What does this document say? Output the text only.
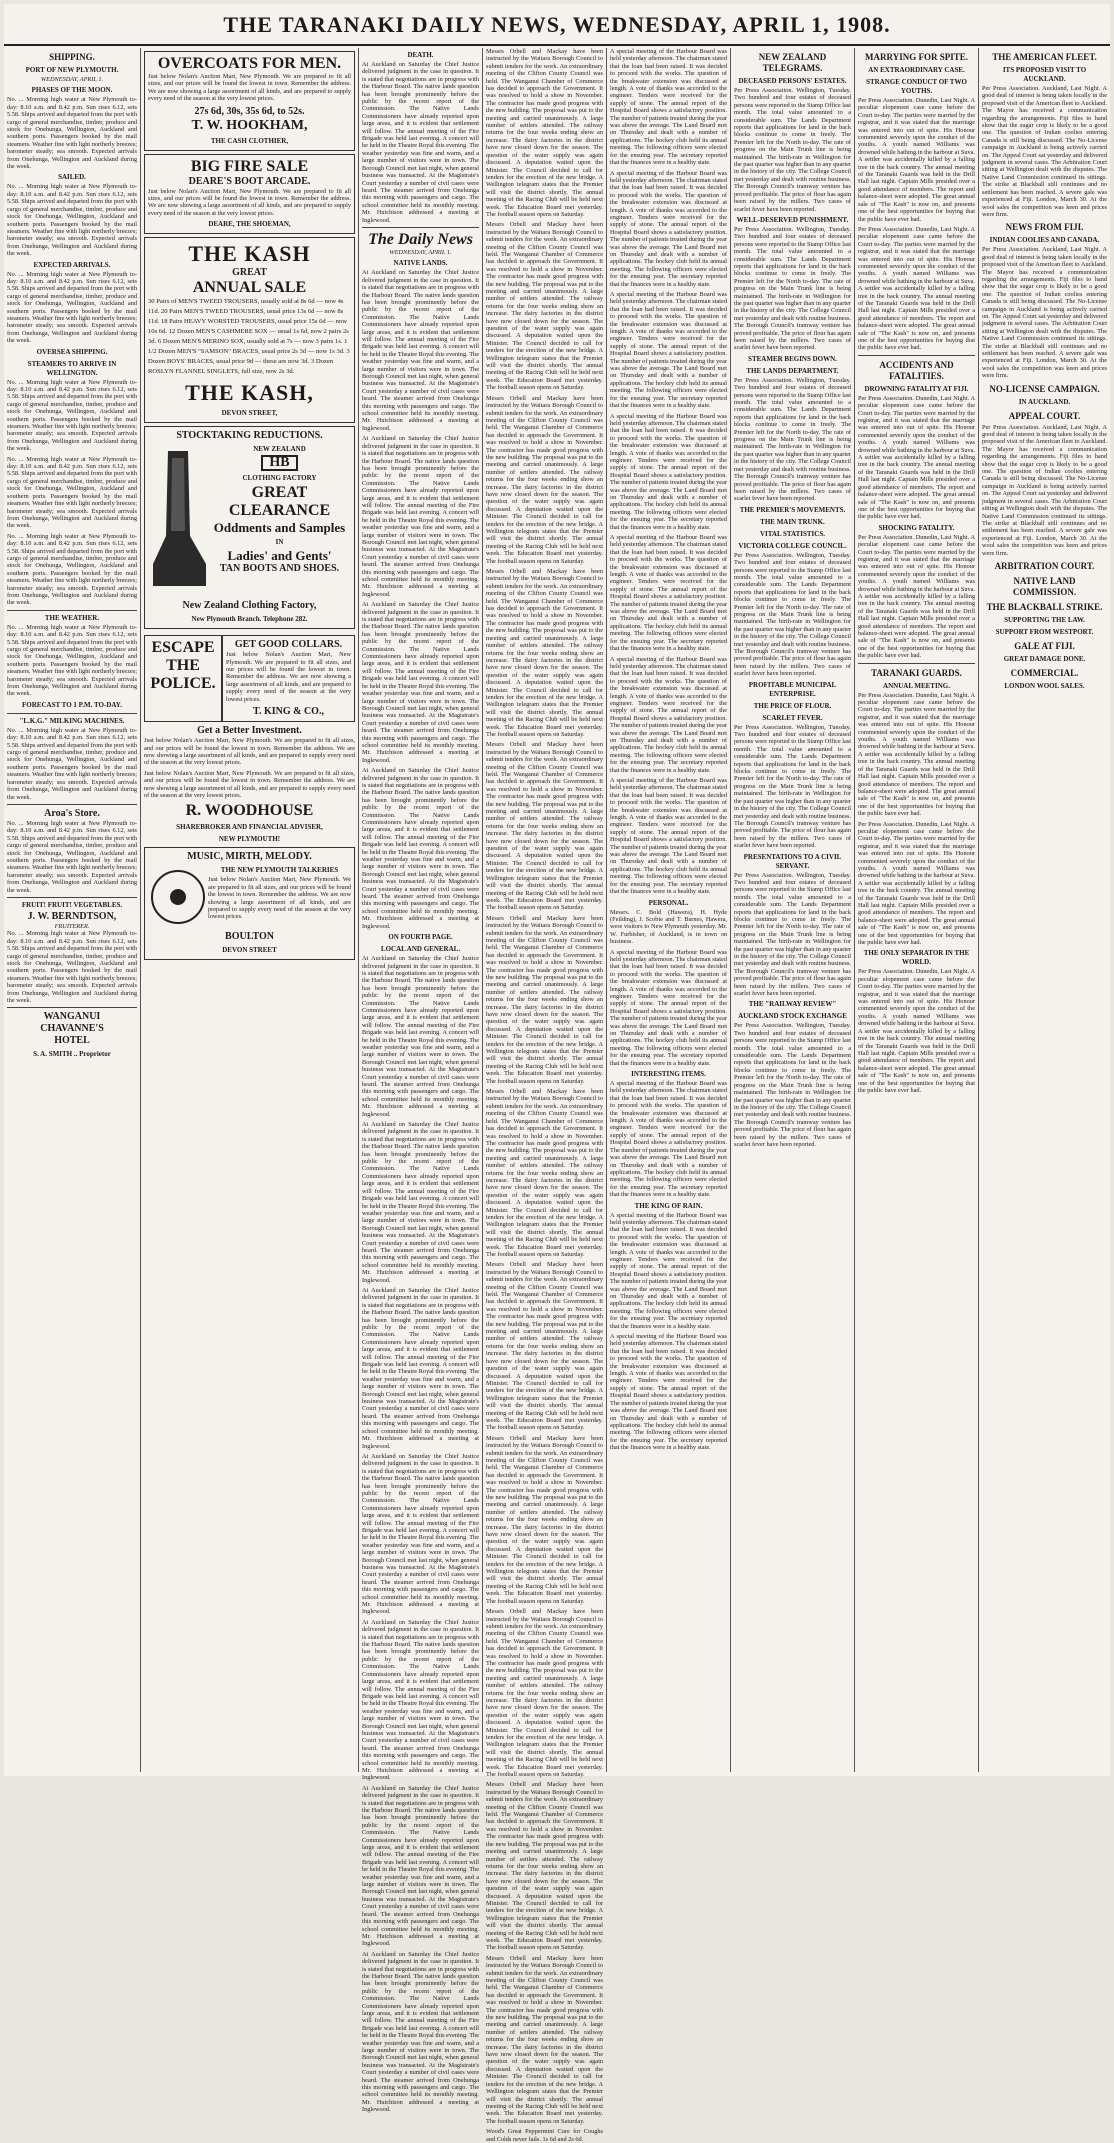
THE TARANAKI DAILY NEWS, WEDNESDAY, APRIL 1, 1908.
SHIPPING.
PORT OF NEW PLYMOUTH.
WEDNESDAY, APRIL 1.
PHASES OF THE MOON.

No. ... Morning high water at New Plymouth to-day: 8.10 a.m. and 8.42 p.m. Sun rises 6.12, sets 5.58. Ships arrived and departed from the port with cargo of general merchandise, timber, produce and stock for Onehunga, Wellington, Auckland and southern ports. Passengers booked by the mail steamers. Weather fine with light northerly breezes; barometer steady; sea smooth. Expected arrivals from Onehunga, Wellington and Auckland during the week.

SAILED.

No. ... Morning high water at New Plymouth to-day: 8.10 a.m. and 8.42 p.m. Sun rises 6.12, sets 5.58. Ships arrived and departed from the port with cargo of general merchandise, timber, produce and stock for Onehunga, Wellington, Auckland and southern ports. Passengers booked by the mail steamers. Weather fine with light northerly breezes; barometer steady; sea smooth. Expected arrivals from Onehunga, Wellington and Auckland during the week.

EXPECTED ARRIVALS.

No. ... Morning high water at New Plymouth to-day: 8.10 a.m. and 8.42 p.m. Sun rises 6.12, sets 5.58. Ships arrived and departed from the port with cargo of general merchandise, timber, produce and stock for Onehunga, Wellington, Auckland and southern ports. Passengers booked by the mail steamers. Weather fine with light northerly breezes; barometer steady; sea smooth. Expected arrivals from Onehunga, Wellington and Auckland during the week.

OVERSEA SHIPPING.
STEAMERS TO ARRIVE IN WELLINGTON.

No. ... Morning high water at New Plymouth to-day: 8.10 a.m. and 8.42 p.m. Sun rises 6.12, sets 5.58. Ships arrived and departed from the port with cargo of general merchandise, timber, produce and stock for Onehunga, Wellington, Auckland and southern ports. Passengers booked by the mail steamers. Weather fine with light northerly breezes; barometer steady; sea smooth. Expected arrivals from Onehunga, Wellington and Auckland during the week.

No. ... Morning high water at New Plymouth to-day: 8.10 a.m. and 8.42 p.m. Sun rises 6.12, sets 5.58. Ships arrived and departed from the port with cargo of general merchandise, timber, produce and stock for Onehunga, Wellington, Auckland and southern ports. Passengers booked by the mail steamers. Weather fine with light northerly breezes; barometer steady; sea smooth. Expected arrivals from Onehunga, Wellington and Auckland during the week.

No. ... Morning high water at New Plymouth to-day: 8.10 a.m. and 8.42 p.m. Sun rises 6.12, sets 5.58. Ships arrived and departed from the port with cargo of general merchandise, timber, produce and stock for Onehunga, Wellington, Auckland and southern ports. Passengers booked by the mail steamers. Weather fine with light northerly breezes; barometer steady; sea smooth. Expected arrivals from Onehunga, Wellington and Auckland during the week.

THE WEATHER.

No. ... Morning high water at New Plymouth to-day: 8.10 a.m. and 8.42 p.m. Sun rises 6.12, sets 5.58. Ships arrived and departed from the port with cargo of general merchandise, timber, produce and stock for Onehunga, Wellington, Auckland and southern ports. Passengers booked by the mail steamers. Weather fine with light northerly breezes; barometer steady; sea smooth. Expected arrivals from Onehunga, Wellington and Auckland during the week.

FORECAST TO 1 P.M. TO-DAY.
"L.K.G." MILKING MACHINES.

No. ... Morning high water at New Plymouth to-day: 8.10 a.m. and 8.42 p.m. Sun rises 6.12, sets 5.58. Ships arrived and departed from the port with cargo of general merchandise, timber, produce and stock for Onehunga, Wellington, Auckland and southern ports. Passengers booked by the mail steamers. Weather fine with light northerly breezes; barometer steady; sea smooth. Expected arrivals from Onehunga, Wellington and Auckland during the week.

Aroa's Store.

No. ... Morning high water at New Plymouth to-day: 8.10 a.m. and 8.42 p.m. Sun rises 6.12, sets 5.58. Ships arrived and departed from the port with cargo of general merchandise, timber, produce and stock for Onehunga, Wellington, Auckland and southern ports. Passengers booked by the mail steamers. Weather fine with light northerly breezes; barometer steady; sea smooth. Expected arrivals from Onehunga, Wellington and Auckland during the week.

FRUIT! FRUIT! VEGETABLES.
J. W. BERNDTSON,
FRUITERER.

No. ... Morning high water at New Plymouth to-day: 8.10 a.m. and 8.42 p.m. Sun rises 6.12, sets 5.58. Ships arrived and departed from the port with cargo of general merchandise, timber, produce and stock for Onehunga, Wellington, Auckland and southern ports. Passengers booked by the mail steamers. Weather fine with light northerly breezes; barometer steady; sea smooth. Expected arrivals from Onehunga, Wellington and Auckland during the week.

WANGANUI
CHAVANNE'S
HOTEL
S. A. SMITH .. Proprietor
OVERCOATS FOR MEN.

Just below Nolan's Auction Mart, New Plymouth. We are prepared to fit all sizes, and our prices will be found the lowest in town. Remember the address. We are now showing a large assortment of all kinds, and are prepared to supply every need of the season at the very lowest prices.

27s 6d, 30s, 35s 6d, to 52s.
T. W. HOOKHAM,
THE CASH CLOTHIER,
BIG FIRE SALE
DEARE'S BOOT ARCADE.

Just below Nolan's Auction Mart, New Plymouth. We are prepared to fit all sizes, and our prices will be found the lowest in town. Remember the address. We are now showing a large assortment of all kinds, and are prepared to supply every need of the season at the very lowest prices.

DEARE, THE SHOEMAN,
THE KASH
GREAT
ANNUAL SALE

30 Pairs of MEN'S TWEED TROUSERS, usually sold at 8s 6d — now 4s 11d. 20 Pairs MEN'S TWEED TROUSERS, usual price 13s 6d — now 8s 11d. 18 Pairs HEAVY WORSTED TROUSERS, usual price 15s 6d — now 10s 6d. 12 Dozen MEN'S CASHMERE SOX — usual 1s 6d, now 2 pairs 2s 3d. 6 Dozen MEN'S MERINO SOX, usually sold at 7s — now 3 pairs 1s. 1 1/2 Dozen MEN'S "SAMSON" BRACES, usual price 2s 3d — now 1s 3d. 3 Dozen BOYS' BRACES, usual price 9d — these are now 3d. 3 Dozen ROSLYN FLANNEL SINGLETS, full size, now 2s 3d.

THE KASH,
DEVON STREET,
STOCKTAKING REDUCTIONS.
NEW ZEALAND
HB
CLOTHING FACTORY
GREAT CLEARANCE
Oddments and Samples
IN
Ladies' and Gents'
TAN BOOTS AND SHOES.
New Zealand Clothing Factory,
New Plymouth Branch. Telephone 282.
ESCAPE THE POLICE.
GET GOOD COLLARS.

Just below Nolan's Auction Mart, New Plymouth. We are prepared to fit all sizes, and our prices will be found the lowest in town. Remember the address. We are now showing a large assortment of all kinds, and are prepared to supply every need of the season at the very lowest prices.

T. KING & CO.,
Get a Better Investment.

Just below Nolan's Auction Mart, New Plymouth. We are prepared to fit all sizes, and our prices will be found the lowest in town. Remember the address. We are now showing a large assortment of all kinds, and are prepared to supply every need of the season at the very lowest prices.

Just below Nolan's Auction Mart, New Plymouth. We are prepared to fit all sizes, and our prices will be found the lowest in town. Remember the address. We are now showing a large assortment of all kinds, and are prepared to supply every need of the season at the very lowest prices.

R. WOODHOUSE
SHAREBROKER AND FINANCIAL ADVISER,
NEW PLYMOUTH!
MUSIC, MIRTH, MELODY.
THE NEW PLYMOUTH TALKERIES

Just below Nolan's Auction Mart, New Plymouth. We are prepared to fit all sizes, and our prices will be found the lowest in town. Remember the address. We are now showing a large assortment of all kinds, and are prepared to supply every need of the season at the very lowest prices.

BOULTON
DEVON STREET
DEATH.

At Auckland on Saturday the Chief Justice delivered judgment in the case in question. It is stated that negotiations are in progress with the Harbour Board. The native lands question has been brought prominently before the public by the recent report of the Commission. The Native Lands Commissioners have already reported upon large areas, and it is evident that settlement will follow. The annual meeting of the Fire Brigade was held last evening. A concert will be held in the Theatre Royal this evening. The weather yesterday was fine and warm, and a large number of visitors were in town. The Borough Council met last night, when general business was transacted. At the Magistrate's Court yesterday a number of civil cases were heard. The steamer arrived from Onehunga this morning with passengers and cargo. The school committee held its monthly meeting. Mr. Hutchison addressed a meeting at Inglewood.

The Daily News
WEDNESDAY, APRIL 1.
NATIVE LANDS.

At Auckland on Saturday the Chief Justice delivered judgment in the case in question. It is stated that negotiations are in progress with the Harbour Board. The native lands question has been brought prominently before the public by the recent report of the Commission. The Native Lands Commissioners have already reported upon large areas, and it is evident that settlement will follow. The annual meeting of the Fire Brigade was held last evening. A concert will be held in the Theatre Royal this evening. The weather yesterday was fine and warm, and a large number of visitors were in town. The Borough Council met last night, when general business was transacted. At the Magistrate's Court yesterday a number of civil cases were heard. The steamer arrived from Onehunga this morning with passengers and cargo. The school committee held its monthly meeting. Mr. Hutchison addressed a meeting at Inglewood.

At Auckland on Saturday the Chief Justice delivered judgment in the case in question. It is stated that negotiations are in progress with the Harbour Board. The native lands question has been brought prominently before the public by the recent report of the Commission. The Native Lands Commissioners have already reported upon large areas, and it is evident that settlement will follow. The annual meeting of the Fire Brigade was held last evening. A concert will be held in the Theatre Royal this evening. The weather yesterday was fine and warm, and a large number of visitors were in town. The Borough Council met last night, when general business was transacted. At the Magistrate's Court yesterday a number of civil cases were heard. The steamer arrived from Onehunga this morning with passengers and cargo. The school committee held its monthly meeting. Mr. Hutchison addressed a meeting at Inglewood.

At Auckland on Saturday the Chief Justice delivered judgment in the case in question. It is stated that negotiations are in progress with the Harbour Board. The native lands question has been brought prominently before the public by the recent report of the Commission. The Native Lands Commissioners have already reported upon large areas, and it is evident that settlement will follow. The annual meeting of the Fire Brigade was held last evening. A concert will be held in the Theatre Royal this evening. The weather yesterday was fine and warm, and a large number of visitors were in town. The Borough Council met last night, when general business was transacted. At the Magistrate's Court yesterday a number of civil cases were heard. The steamer arrived from Onehunga this morning with passengers and cargo. The school committee held its monthly meeting. Mr. Hutchison addressed a meeting at Inglewood.

At Auckland on Saturday the Chief Justice delivered judgment in the case in question. It is stated that negotiations are in progress with the Harbour Board. The native lands question has been brought prominently before the public by the recent report of the Commission. The Native Lands Commissioners have already reported upon large areas, and it is evident that settlement will follow. The annual meeting of the Fire Brigade was held last evening. A concert will be held in the Theatre Royal this evening. The weather yesterday was fine and warm, and a large number of visitors were in town. The Borough Council met last night, when general business was transacted. At the Magistrate's Court yesterday a number of civil cases were heard. The steamer arrived from Onehunga this morning with passengers and cargo. The school committee held its monthly meeting. Mr. Hutchison addressed a meeting at Inglewood.

ON FOURTH PAGE.
LOCAL AND GENERAL.

At Auckland on Saturday the Chief Justice delivered judgment in the case in question. It is stated that negotiations are in progress with the Harbour Board. The native lands question has been brought prominently before the public by the recent report of the Commission. The Native Lands Commissioners have already reported upon large areas, and it is evident that settlement will follow. The annual meeting of the Fire Brigade was held last evening. A concert will be held in the Theatre Royal this evening. The weather yesterday was fine and warm, and a large number of visitors were in town. The Borough Council met last night, when general business was transacted. At the Magistrate's Court yesterday a number of civil cases were heard. The steamer arrived from Onehunga this morning with passengers and cargo. The school committee held its monthly meeting. Mr. Hutchison addressed a meeting at Inglewood.

At Auckland on Saturday the Chief Justice delivered judgment in the case in question. It is stated that negotiations are in progress with the Harbour Board. The native lands question has been brought prominently before the public by the recent report of the Commission. The Native Lands Commissioners have already reported upon large areas, and it is evident that settlement will follow. The annual meeting of the Fire Brigade was held last evening. A concert will be held in the Theatre Royal this evening. The weather yesterday was fine and warm, and a large number of visitors were in town. The Borough Council met last night, when general business was transacted. At the Magistrate's Court yesterday a number of civil cases were heard. The steamer arrived from Onehunga this morning with passengers and cargo. The school committee held its monthly meeting. Mr. Hutchison addressed a meeting at Inglewood.

At Auckland on Saturday the Chief Justice delivered judgment in the case in question. It is stated that negotiations are in progress with the Harbour Board. The native lands question has been brought prominently before the public by the recent report of the Commission. The Native Lands Commissioners have already reported upon large areas, and it is evident that settlement will follow. The annual meeting of the Fire Brigade was held last evening. A concert will be held in the Theatre Royal this evening. The weather yesterday was fine and warm, and a large number of visitors were in town. The Borough Council met last night, when general business was transacted. At the Magistrate's Court yesterday a number of civil cases were heard. The steamer arrived from Onehunga this morning with passengers and cargo. The school committee held its monthly meeting. Mr. Hutchison addressed a meeting at Inglewood.

At Auckland on Saturday the Chief Justice delivered judgment in the case in question. It is stated that negotiations are in progress with the Harbour Board. The native lands question has been brought prominently before the public by the recent report of the Commission. The Native Lands Commissioners have already reported upon large areas, and it is evident that settlement will follow. The annual meeting of the Fire Brigade was held last evening. A concert will be held in the Theatre Royal this evening. The weather yesterday was fine and warm, and a large number of visitors were in town. The Borough Council met last night, when general business was transacted. At the Magistrate's Court yesterday a number of civil cases were heard. The steamer arrived from Onehunga this morning with passengers and cargo. The school committee held its monthly meeting. Mr. Hutchison addressed a meeting at Inglewood.

At Auckland on Saturday the Chief Justice delivered judgment in the case in question. It is stated that negotiations are in progress with the Harbour Board. The native lands question has been brought prominently before the public by the recent report of the Commission. The Native Lands Commissioners have already reported upon large areas, and it is evident that settlement will follow. The annual meeting of the Fire Brigade was held last evening. A concert will be held in the Theatre Royal this evening. The weather yesterday was fine and warm, and a large number of visitors were in town. The Borough Council met last night, when general business was transacted. At the Magistrate's Court yesterday a number of civil cases were heard. The steamer arrived from Onehunga this morning with passengers and cargo. The school committee held its monthly meeting. Mr. Hutchison addressed a meeting at Inglewood.

At Auckland on Saturday the Chief Justice delivered judgment in the case in question. It is stated that negotiations are in progress with the Harbour Board. The native lands question has been brought prominently before the public by the recent report of the Commission. The Native Lands Commissioners have already reported upon large areas, and it is evident that settlement will follow. The annual meeting of the Fire Brigade was held last evening. A concert will be held in the Theatre Royal this evening. The weather yesterday was fine and warm, and a large number of visitors were in town. The Borough Council met last night, when general business was transacted. At the Magistrate's Court yesterday a number of civil cases were heard. The steamer arrived from Onehunga this morning with passengers and cargo. The school committee held its monthly meeting. Mr. Hutchison addressed a meeting at Inglewood.

At Auckland on Saturday the Chief Justice delivered judgment in the case in question. It is stated that negotiations are in progress with the Harbour Board. The native lands question has been brought prominently before the public by the recent report of the Commission. The Native Lands Commissioners have already reported upon large areas, and it is evident that settlement will follow. The annual meeting of the Fire Brigade was held last evening. A concert will be held in the Theatre Royal this evening. The weather yesterday was fine and warm, and a large number of visitors were in town. The Borough Council met last night, when general business was transacted. At the Magistrate's Court yesterday a number of civil cases were heard. The steamer arrived from Onehunga this morning with passengers and cargo. The school committee held its monthly meeting. Mr. Hutchison addressed a meeting at Inglewood.

Messrs Orbell and Mackay have been instructed by the Waitara Borough Council to submit tenders for the work. An extraordinary meeting of the Clifton County Council was held. The Wanganui Chamber of Commerce has decided to approach the Government. It was resolved to hold a show in November. The contractor has made good progress with the new building. The proposal was put to the meeting and carried unanimously. A large number of settlers attended. The railway returns for the four weeks ending show an increase. The dairy factories in the district have now closed down for the season. The question of the water supply was again discussed. A deputation waited upon the Minister. The Council decided to call for tenders for the erection of the new bridge. A Wellington telegram states that the Premier will visit the district shortly. The annual meeting of the Racing Club will be held next week. The Education Board met yesterday. The football season opens on Saturday.

Messrs Orbell and Mackay have been instructed by the Waitara Borough Council to submit tenders for the work. An extraordinary meeting of the Clifton County Council was held. The Wanganui Chamber of Commerce has decided to approach the Government. It was resolved to hold a show in November. The contractor has made good progress with the new building. The proposal was put to the meeting and carried unanimously. A large number of settlers attended. The railway returns for the four weeks ending show an increase. The dairy factories in the district have now closed down for the season. The question of the water supply was again discussed. A deputation waited upon the Minister. The Council decided to call for tenders for the erection of the new bridge. A Wellington telegram states that the Premier will visit the district shortly. The annual meeting of the Racing Club will be held next week. The Education Board met yesterday. The football season opens on Saturday.

Messrs Orbell and Mackay have been instructed by the Waitara Borough Council to submit tenders for the work. An extraordinary meeting of the Clifton County Council was held. The Wanganui Chamber of Commerce has decided to approach the Government. It was resolved to hold a show in November. The contractor has made good progress with the new building. The proposal was put to the meeting and carried unanimously. A large number of settlers attended. The railway returns for the four weeks ending show an increase. The dairy factories in the district have now closed down for the season. The question of the water supply was again discussed. A deputation waited upon the Minister. The Council decided to call for tenders for the erection of the new bridge. A Wellington telegram states that the Premier will visit the district shortly. The annual meeting of the Racing Club will be held next week. The Education Board met yesterday. The football season opens on Saturday.

Messrs Orbell and Mackay have been instructed by the Waitara Borough Council to submit tenders for the work. An extraordinary meeting of the Clifton County Council was held. The Wanganui Chamber of Commerce has decided to approach the Government. It was resolved to hold a show in November. The contractor has made good progress with the new building. The proposal was put to the meeting and carried unanimously. A large number of settlers attended. The railway returns for the four weeks ending show an increase. The dairy factories in the district have now closed down for the season. The question of the water supply was again discussed. A deputation waited upon the Minister. The Council decided to call for tenders for the erection of the new bridge. A Wellington telegram states that the Premier will visit the district shortly. The annual meeting of the Racing Club will be held next week. The Education Board met yesterday. The football season opens on Saturday.

Messrs Orbell and Mackay have been instructed by the Waitara Borough Council to submit tenders for the work. An extraordinary meeting of the Clifton County Council was held. The Wanganui Chamber of Commerce has decided to approach the Government. It was resolved to hold a show in November. The contractor has made good progress with the new building. The proposal was put to the meeting and carried unanimously. A large number of settlers attended. The railway returns for the four weeks ending show an increase. The dairy factories in the district have now closed down for the season. The question of the water supply was again discussed. A deputation waited upon the Minister. The Council decided to call for tenders for the erection of the new bridge. A Wellington telegram states that the Premier will visit the district shortly. The annual meeting of the Racing Club will be held next week. The Education Board met yesterday. The football season opens on Saturday.

Messrs Orbell and Mackay have been instructed by the Waitara Borough Council to submit tenders for the work. An extraordinary meeting of the Clifton County Council was held. The Wanganui Chamber of Commerce has decided to approach the Government. It was resolved to hold a show in November. The contractor has made good progress with the new building. The proposal was put to the meeting and carried unanimously. A large number of settlers attended. The railway returns for the four weeks ending show an increase. The dairy factories in the district have now closed down for the season. The question of the water supply was again discussed. A deputation waited upon the Minister. The Council decided to call for tenders for the erection of the new bridge. A Wellington telegram states that the Premier will visit the district shortly. The annual meeting of the Racing Club will be held next week. The Education Board met yesterday. The football season opens on Saturday.

Messrs Orbell and Mackay have been instructed by the Waitara Borough Council to submit tenders for the work. An extraordinary meeting of the Clifton County Council was held. The Wanganui Chamber of Commerce has decided to approach the Government. It was resolved to hold a show in November. The contractor has made good progress with the new building. The proposal was put to the meeting and carried unanimously. A large number of settlers attended. The railway returns for the four weeks ending show an increase. The dairy factories in the district have now closed down for the season. The question of the water supply was again discussed. A deputation waited upon the Minister. The Council decided to call for tenders for the erection of the new bridge. A Wellington telegram states that the Premier will visit the district shortly. The annual meeting of the Racing Club will be held next week. The Education Board met yesterday. The football season opens on Saturday.

Messrs Orbell and Mackay have been instructed by the Waitara Borough Council to submit tenders for the work. An extraordinary meeting of the Clifton County Council was held. The Wanganui Chamber of Commerce has decided to approach the Government. It was resolved to hold a show in November. The contractor has made good progress with the new building. The proposal was put to the meeting and carried unanimously. A large number of settlers attended. The railway returns for the four weeks ending show an increase. The dairy factories in the district have now closed down for the season. The question of the water supply was again discussed. A deputation waited upon the Minister. The Council decided to call for tenders for the erection of the new bridge. A Wellington telegram states that the Premier will visit the district shortly. The annual meeting of the Racing Club will be held next week. The Education Board met yesterday. The football season opens on Saturday.

Messrs Orbell and Mackay have been instructed by the Waitara Borough Council to submit tenders for the work. An extraordinary meeting of the Clifton County Council was held. The Wanganui Chamber of Commerce has decided to approach the Government. It was resolved to hold a show in November. The contractor has made good progress with the new building. The proposal was put to the meeting and carried unanimously. A large number of settlers attended. The railway returns for the four weeks ending show an increase. The dairy factories in the district have now closed down for the season. The question of the water supply was again discussed. A deputation waited upon the Minister. The Council decided to call for tenders for the erection of the new bridge. A Wellington telegram states that the Premier will visit the district shortly. The annual meeting of the Racing Club will be held next week. The Education Board met yesterday. The football season opens on Saturday.

Messrs Orbell and Mackay have been instructed by the Waitara Borough Council to submit tenders for the work. An extraordinary meeting of the Clifton County Council was held. The Wanganui Chamber of Commerce has decided to approach the Government. It was resolved to hold a show in November. The contractor has made good progress with the new building. The proposal was put to the meeting and carried unanimously. A large number of settlers attended. The railway returns for the four weeks ending show an increase. The dairy factories in the district have now closed down for the season. The question of the water supply was again discussed. A deputation waited upon the Minister. The Council decided to call for tenders for the erection of the new bridge. A Wellington telegram states that the Premier will visit the district shortly. The annual meeting of the Racing Club will be held next week. The Education Board met yesterday. The football season opens on Saturday.

Messrs Orbell and Mackay have been instructed by the Waitara Borough Council to submit tenders for the work. An extraordinary meeting of the Clifton County Council was held. The Wanganui Chamber of Commerce has decided to approach the Government. It was resolved to hold a show in November. The contractor has made good progress with the new building. The proposal was put to the meeting and carried unanimously. A large number of settlers attended. The railway returns for the four weeks ending show an increase. The dairy factories in the district have now closed down for the season. The question of the water supply was again discussed. A deputation waited upon the Minister. The Council decided to call for tenders for the erection of the new bridge. A Wellington telegram states that the Premier will visit the district shortly. The annual meeting of the Racing Club will be held next week. The Education Board met yesterday. The football season opens on Saturday.

Messrs Orbell and Mackay have been instructed by the Waitara Borough Council to submit tenders for the work. An extraordinary meeting of the Clifton County Council was held. The Wanganui Chamber of Commerce has decided to approach the Government. It was resolved to hold a show in November. The contractor has made good progress with the new building. The proposal was put to the meeting and carried unanimously. A large number of settlers attended. The railway returns for the four weeks ending show an increase. The dairy factories in the district have now closed down for the season. The question of the water supply was again discussed. A deputation waited upon the Minister. The Council decided to call for tenders for the erection of the new bridge. A Wellington telegram states that the Premier will visit the district shortly. The annual meeting of the Racing Club will be held next week. The Education Board met yesterday. The football season opens on Saturday.

Wood's Great Peppermint Cure for Coughs and Colds never fails. 1s 6d and 2s 6d.

A special meeting of the Harbour Board was held yesterday afternoon. The chairman stated that the loan had been raised. It was decided to proceed with the works. The question of the breakwater extension was discussed at length. A vote of thanks was accorded to the engineer. Tenders were received for the supply of stone. The annual report of the Hospital Board shows a satisfactory position. The number of patients treated during the year was above the average. The Land Board met on Thursday and dealt with a number of applications. The hockey club held its annual meeting. The following officers were elected for the ensuing year. The secretary reported that the finances were in a healthy state.

A special meeting of the Harbour Board was held yesterday afternoon. The chairman stated that the loan had been raised. It was decided to proceed with the works. The question of the breakwater extension was discussed at length. A vote of thanks was accorded to the engineer. Tenders were received for the supply of stone. The annual report of the Hospital Board shows a satisfactory position. The number of patients treated during the year was above the average. The Land Board met on Thursday and dealt with a number of applications. The hockey club held its annual meeting. The following officers were elected for the ensuing year. The secretary reported that the finances were in a healthy state.

A special meeting of the Harbour Board was held yesterday afternoon. The chairman stated that the loan had been raised. It was decided to proceed with the works. The question of the breakwater extension was discussed at length. A vote of thanks was accorded to the engineer. Tenders were received for the supply of stone. The annual report of the Hospital Board shows a satisfactory position. The number of patients treated during the year was above the average. The Land Board met on Thursday and dealt with a number of applications. The hockey club held its annual meeting. The following officers were elected for the ensuing year. The secretary reported that the finances were in a healthy state.

A special meeting of the Harbour Board was held yesterday afternoon. The chairman stated that the loan had been raised. It was decided to proceed with the works. The question of the breakwater extension was discussed at length. A vote of thanks was accorded to the engineer. Tenders were received for the supply of stone. The annual report of the Hospital Board shows a satisfactory position. The number of patients treated during the year was above the average. The Land Board met on Thursday and dealt with a number of applications. The hockey club held its annual meeting. The following officers were elected for the ensuing year. The secretary reported that the finances were in a healthy state.

A special meeting of the Harbour Board was held yesterday afternoon. The chairman stated that the loan had been raised. It was decided to proceed with the works. The question of the breakwater extension was discussed at length. A vote of thanks was accorded to the engineer. Tenders were received for the supply of stone. The annual report of the Hospital Board shows a satisfactory position. The number of patients treated during the year was above the average. The Land Board met on Thursday and dealt with a number of applications. The hockey club held its annual meeting. The following officers were elected for the ensuing year. The secretary reported that the finances were in a healthy state.

A special meeting of the Harbour Board was held yesterday afternoon. The chairman stated that the loan had been raised. It was decided to proceed with the works. The question of the breakwater extension was discussed at length. A vote of thanks was accorded to the engineer. Tenders were received for the supply of stone. The annual report of the Hospital Board shows a satisfactory position. The number of patients treated during the year was above the average. The Land Board met on Thursday and dealt with a number of applications. The hockey club held its annual meeting. The following officers were elected for the ensuing year. The secretary reported that the finances were in a healthy state.

A special meeting of the Harbour Board was held yesterday afternoon. The chairman stated that the loan had been raised. It was decided to proceed with the works. The question of the breakwater extension was discussed at length. A vote of thanks was accorded to the engineer. Tenders were received for the supply of stone. The annual report of the Hospital Board shows a satisfactory position. The number of patients treated during the year was above the average. The Land Board met on Thursday and dealt with a number of applications. The hockey club held its annual meeting. The following officers were elected for the ensuing year. The secretary reported that the finances were in a healthy state.

PERSONAL.

Messrs. C. Bold (Hawera), H. Hyde (Feilding), J. Scobie and T. Barnes, Hawera, were visitors to New Plymouth yesterday. Mr. W. Furbisher, of Auckland, is in town on business.

A special meeting of the Harbour Board was held yesterday afternoon. The chairman stated that the loan had been raised. It was decided to proceed with the works. The question of the breakwater extension was discussed at length. A vote of thanks was accorded to the engineer. Tenders were received for the supply of stone. The annual report of the Hospital Board shows a satisfactory position. The number of patients treated during the year was above the average. The Land Board met on Thursday and dealt with a number of applications. The hockey club held its annual meeting. The following officers were elected for the ensuing year. The secretary reported that the finances were in a healthy state.

INTERESTING ITEMS.

A special meeting of the Harbour Board was held yesterday afternoon. The chairman stated that the loan had been raised. It was decided to proceed with the works. The question of the breakwater extension was discussed at length. A vote of thanks was accorded to the engineer. Tenders were received for the supply of stone. The annual report of the Hospital Board shows a satisfactory position. The number of patients treated during the year was above the average. The Land Board met on Thursday and dealt with a number of applications. The hockey club held its annual meeting. The following officers were elected for the ensuing year. The secretary reported that the finances were in a healthy state.

THE KING OF RAIN.

A special meeting of the Harbour Board was held yesterday afternoon. The chairman stated that the loan had been raised. It was decided to proceed with the works. The question of the breakwater extension was discussed at length. A vote of thanks was accorded to the engineer. Tenders were received for the supply of stone. The annual report of the Hospital Board shows a satisfactory position. The number of patients treated during the year was above the average. The Land Board met on Thursday and dealt with a number of applications. The hockey club held its annual meeting. The following officers were elected for the ensuing year. The secretary reported that the finances were in a healthy state.

A special meeting of the Harbour Board was held yesterday afternoon. The chairman stated that the loan had been raised. It was decided to proceed with the works. The question of the breakwater extension was discussed at length. A vote of thanks was accorded to the engineer. Tenders were received for the supply of stone. The annual report of the Hospital Board shows a satisfactory position. The number of patients treated during the year was above the average. The Land Board met on Thursday and dealt with a number of applications. The hockey club held its annual meeting. The following officers were elected for the ensuing year. The secretary reported that the finances were in a healthy state.

NEW ZEALAND TELEGRAMS.
DECEASED PERSONS' ESTATES.

Per Press Association. Wellington, Tuesday. Two hundred and four estates of deceased persons were reported to the Stamp Office last month. The total value amounted to a considerable sum. The Lands Department reports that applications for land in the back blocks continue to come in freely. The Premier left for the North to-day. The rate of progress on the Main Trunk line is being maintained. The birth-rate in Wellington for the past quarter was higher than in any quarter in the history of the city. The College Council met yesterday and dealt with routine business. The Borough Council's tramway venture has proved profitable. The price of flour has again been raised by the millers. Two cases of scarlet fever have been reported.

WELL-DESERVED PUNISHMENT.

Per Press Association. Wellington, Tuesday. Two hundred and four estates of deceased persons were reported to the Stamp Office last month. The total value amounted to a considerable sum. The Lands Department reports that applications for land in the back blocks continue to come in freely. The Premier left for the North to-day. The rate of progress on the Main Trunk line is being maintained. The birth-rate in Wellington for the past quarter was higher than in any quarter in the history of the city. The College Council met yesterday and dealt with routine business. The Borough Council's tramway venture has proved profitable. The price of flour has again been raised by the millers. Two cases of scarlet fever have been reported.

STEAMER BEGINS DOWN.
THE LANDS DEPARTMENT.

Per Press Association. Wellington, Tuesday. Two hundred and four estates of deceased persons were reported to the Stamp Office last month. The total value amounted to a considerable sum. The Lands Department reports that applications for land in the back blocks continue to come in freely. The Premier left for the North to-day. The rate of progress on the Main Trunk line is being maintained. The birth-rate in Wellington for the past quarter was higher than in any quarter in the history of the city. The College Council met yesterday and dealt with routine business. The Borough Council's tramway venture has proved profitable. The price of flour has again been raised by the millers. Two cases of scarlet fever have been reported.

THE PREMIER'S MOVEMENTS.
THE MAIN TRUNK.
VITAL STATISTICS.
VICTORIA COLLEGE COUNCIL.

Per Press Association. Wellington, Tuesday. Two hundred and four estates of deceased persons were reported to the Stamp Office last month. The total value amounted to a considerable sum. The Lands Department reports that applications for land in the back blocks continue to come in freely. The Premier left for the North to-day. The rate of progress on the Main Trunk line is being maintained. The birth-rate in Wellington for the past quarter was higher than in any quarter in the history of the city. The College Council met yesterday and dealt with routine business. The Borough Council's tramway venture has proved profitable. The price of flour has again been raised by the millers. Two cases of scarlet fever have been reported.

PROFITABLE MUNICIPAL ENTERPRISE.
THE PRICE OF FLOUR.
SCARLET FEVER.

Per Press Association. Wellington, Tuesday. Two hundred and four estates of deceased persons were reported to the Stamp Office last month. The total value amounted to a considerable sum. The Lands Department reports that applications for land in the back blocks continue to come in freely. The Premier left for the North to-day. The rate of progress on the Main Trunk line is being maintained. The birth-rate in Wellington for the past quarter was higher than in any quarter in the history of the city. The College Council met yesterday and dealt with routine business. The Borough Council's tramway venture has proved profitable. The price of flour has again been raised by the millers. Two cases of scarlet fever have been reported.

PRESENTATIONS TO A CIVIL SERVANT.

Per Press Association. Wellington, Tuesday. Two hundred and four estates of deceased persons were reported to the Stamp Office last month. The total value amounted to a considerable sum. The Lands Department reports that applications for land in the back blocks continue to come in freely. The Premier left for the North to-day. The rate of progress on the Main Trunk line is being maintained. The birth-rate in Wellington for the past quarter was higher than in any quarter in the history of the city. The College Council met yesterday and dealt with routine business. The Borough Council's tramway venture has proved profitable. The price of flour has again been raised by the millers. Two cases of scarlet fever have been reported.

THE "RAILWAY REVIEW"
AUCKLAND STOCK EXCHANGE

Per Press Association. Wellington, Tuesday. Two hundred and four estates of deceased persons were reported to the Stamp Office last month. The total value amounted to a considerable sum. The Lands Department reports that applications for land in the back blocks continue to come in freely. The Premier left for the North to-day. The rate of progress on the Main Trunk line is being maintained. The birth-rate in Wellington for the past quarter was higher than in any quarter in the history of the city. The College Council met yesterday and dealt with routine business. The Borough Council's tramway venture has proved profitable. The price of flour has again been raised by the millers. Two cases of scarlet fever have been reported.

MARRYING FOR SPITE.
AN EXTRAORDINARY CASE.
STRANGE CONDUCT OF TWO YOUTHS.

Per Press Association. Dunedin, Last Night. A peculiar elopement case came before the Court to-day. The parties were married by the registrar, and it was stated that the marriage was entered into out of spite. His Honour commented severely upon the conduct of the youths. A youth named Williams was drowned while bathing in the harbour at Suva. A settler was accidentally killed by a falling tree in the back country. The annual meeting of the Taranaki Guards was held in the Drill Hall last night. Captain Mills presided over a good attendance of members. The report and balance-sheet were adopted. The great annual sale of "The Kash" is now on, and presents one of the best opportunities for buying that the public have ever had.

Per Press Association. Dunedin, Last Night. A peculiar elopement case came before the Court to-day. The parties were married by the registrar, and it was stated that the marriage was entered into out of spite. His Honour commented severely upon the conduct of the youths. A youth named Williams was drowned while bathing in the harbour at Suva. A settler was accidentally killed by a falling tree in the back country. The annual meeting of the Taranaki Guards was held in the Drill Hall last night. Captain Mills presided over a good attendance of members. The report and balance-sheet were adopted. The great annual sale of "The Kash" is now on, and presents one of the best opportunities for buying that the public have ever had.

ACCIDENTS AND FATALITIES.
DROWNING FATALITY AT FIJI.

Per Press Association. Dunedin, Last Night. A peculiar elopement case came before the Court to-day. The parties were married by the registrar, and it was stated that the marriage was entered into out of spite. His Honour commented severely upon the conduct of the youths. A youth named Williams was drowned while bathing in the harbour at Suva. A settler was accidentally killed by a falling tree in the back country. The annual meeting of the Taranaki Guards was held in the Drill Hall last night. Captain Mills presided over a good attendance of members. The report and balance-sheet were adopted. The great annual sale of "The Kash" is now on, and presents one of the best opportunities for buying that the public have ever had.

SHOCKING FATALITY.

Per Press Association. Dunedin, Last Night. A peculiar elopement case came before the Court to-day. The parties were married by the registrar, and it was stated that the marriage was entered into out of spite. His Honour commented severely upon the conduct of the youths. A youth named Williams was drowned while bathing in the harbour at Suva. A settler was accidentally killed by a falling tree in the back country. The annual meeting of the Taranaki Guards was held in the Drill Hall last night. Captain Mills presided over a good attendance of members. The report and balance-sheet were adopted. The great annual sale of "The Kash" is now on, and presents one of the best opportunities for buying that the public have ever had.

TARANAKI GUARDS.
ANNUAL MEETING.

Per Press Association. Dunedin, Last Night. A peculiar elopement case came before the Court to-day. The parties were married by the registrar, and it was stated that the marriage was entered into out of spite. His Honour commented severely upon the conduct of the youths. A youth named Williams was drowned while bathing in the harbour at Suva. A settler was accidentally killed by a falling tree in the back country. The annual meeting of the Taranaki Guards was held in the Drill Hall last night. Captain Mills presided over a good attendance of members. The report and balance-sheet were adopted. The great annual sale of "The Kash" is now on, and presents one of the best opportunities for buying that the public have ever had.

Per Press Association. Dunedin, Last Night. A peculiar elopement case came before the Court to-day. The parties were married by the registrar, and it was stated that the marriage was entered into out of spite. His Honour commented severely upon the conduct of the youths. A youth named Williams was drowned while bathing in the harbour at Suva. A settler was accidentally killed by a falling tree in the back country. The annual meeting of the Taranaki Guards was held in the Drill Hall last night. Captain Mills presided over a good attendance of members. The report and balance-sheet were adopted. The great annual sale of "The Kash" is now on, and presents one of the best opportunities for buying that the public have ever had.

THE ONLY SEPARATOR IN THE WORLD.

Per Press Association. Dunedin, Last Night. A peculiar elopement case came before the Court to-day. The parties were married by the registrar, and it was stated that the marriage was entered into out of spite. His Honour commented severely upon the conduct of the youths. A youth named Williams was drowned while bathing in the harbour at Suva. A settler was accidentally killed by a falling tree in the back country. The annual meeting of the Taranaki Guards was held in the Drill Hall last night. Captain Mills presided over a good attendance of members. The report and balance-sheet were adopted. The great annual sale of "The Kash" is now on, and presents one of the best opportunities for buying that the public have ever had.

THE AMERICAN FLEET.
ITS PROPOSED VISIT TO AUCKLAND.

Per Press Association. Auckland, Last Night. A good deal of interest is being taken locally in the proposed visit of the American fleet to Auckland. The Mayor has received a communication regarding the arrangements. Fiji files to hand show that the sugar crop is likely to be a good one. The question of Indian coolies entering Canada is still being discussed. The No-License campaign in Auckland is being actively carried on. The Appeal Court sat yesterday and delivered judgment in several cases. The Arbitration Court sitting at Wellington dealt with the disputes. The Native Land Commission continued its sittings. The strike at Blackball still continues and no settlement has been reached. A severe gale was experienced at Fiji. London, March 30. At the wool sales the competition was keen and prices were firm.

NEWS FROM FIJI.
INDIAN COOLIES AND CANADA.

Per Press Association. Auckland, Last Night. A good deal of interest is being taken locally in the proposed visit of the American fleet to Auckland. The Mayor has received a communication regarding the arrangements. Fiji files to hand show that the sugar crop is likely to be a good one. The question of Indian coolies entering Canada is still being discussed. The No-License campaign in Auckland is being actively carried on. The Appeal Court sat yesterday and delivered judgment in several cases. The Arbitration Court sitting at Wellington dealt with the disputes. The Native Land Commission continued its sittings. The strike at Blackball still continues and no settlement has been reached. A severe gale was experienced at Fiji. London, March 30. At the wool sales the competition was keen and prices were firm.

NO-LICENSE CAMPAIGN.
IN AUCKLAND.
APPEAL COURT.

Per Press Association. Auckland, Last Night. A good deal of interest is being taken locally in the proposed visit of the American fleet to Auckland. The Mayor has received a communication regarding the arrangements. Fiji files to hand show that the sugar crop is likely to be a good one. The question of Indian coolies entering Canada is still being discussed. The No-License campaign in Auckland is being actively carried on. The Appeal Court sat yesterday and delivered judgment in several cases. The Arbitration Court sitting at Wellington dealt with the disputes. The Native Land Commission continued its sittings. The strike at Blackball still continues and no settlement has been reached. A severe gale was experienced at Fiji. London, March 30. At the wool sales the competition was keen and prices were firm.

ARBITRATION COURT.
NATIVE LAND COMMISSION.
THE BLACKBALL STRIKE.
SUPPORTING THE LAW.
SUPPORT FROM WESTPORT.
GALE AT FIJI.
GREAT DAMAGE DONE.
COMMERCIAL.
LONDON WOOL SALES.
